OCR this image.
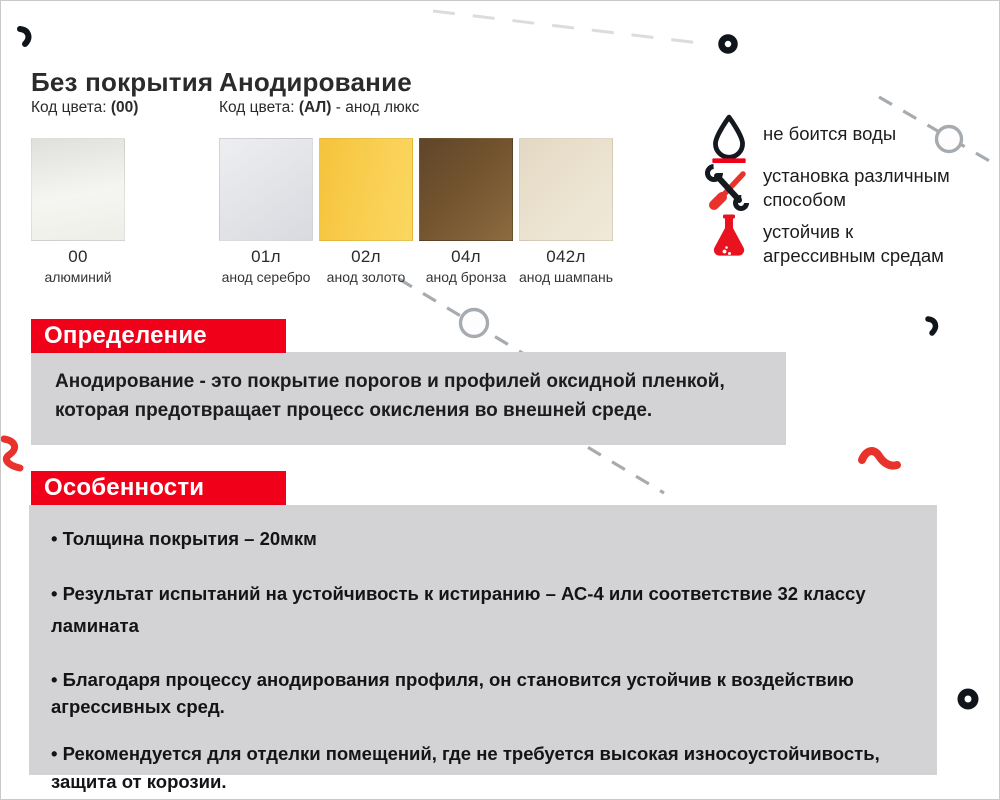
Без покрытия
Код цвета: (00)
Анодирование
Код цвета: (АЛ) - анод люкс
00
алюминий
01л
анод серебро
02л
анод золото
04л
анод бронза
042л
анод шампань
не боится воды
установка различным способом
устойчив к агрессивным средам
Определение
Анодирование - это покрытие порогов и профилей оксидной пленкой, которая предотвращает процесс окисления во внешней среде.
Особенности
• Толщина покрытия – 20мкм
• Результат испытаний на устойчивость к истиранию – АС-4 или соответствие 32 классу ламината
• Благодаря процессу анодирования профиля, он становится устойчив к воздействию агрессивных сред.
• Рекомендуется для отделки помещений, где не требуется высокая износоустойчивость, защита от корозии.
